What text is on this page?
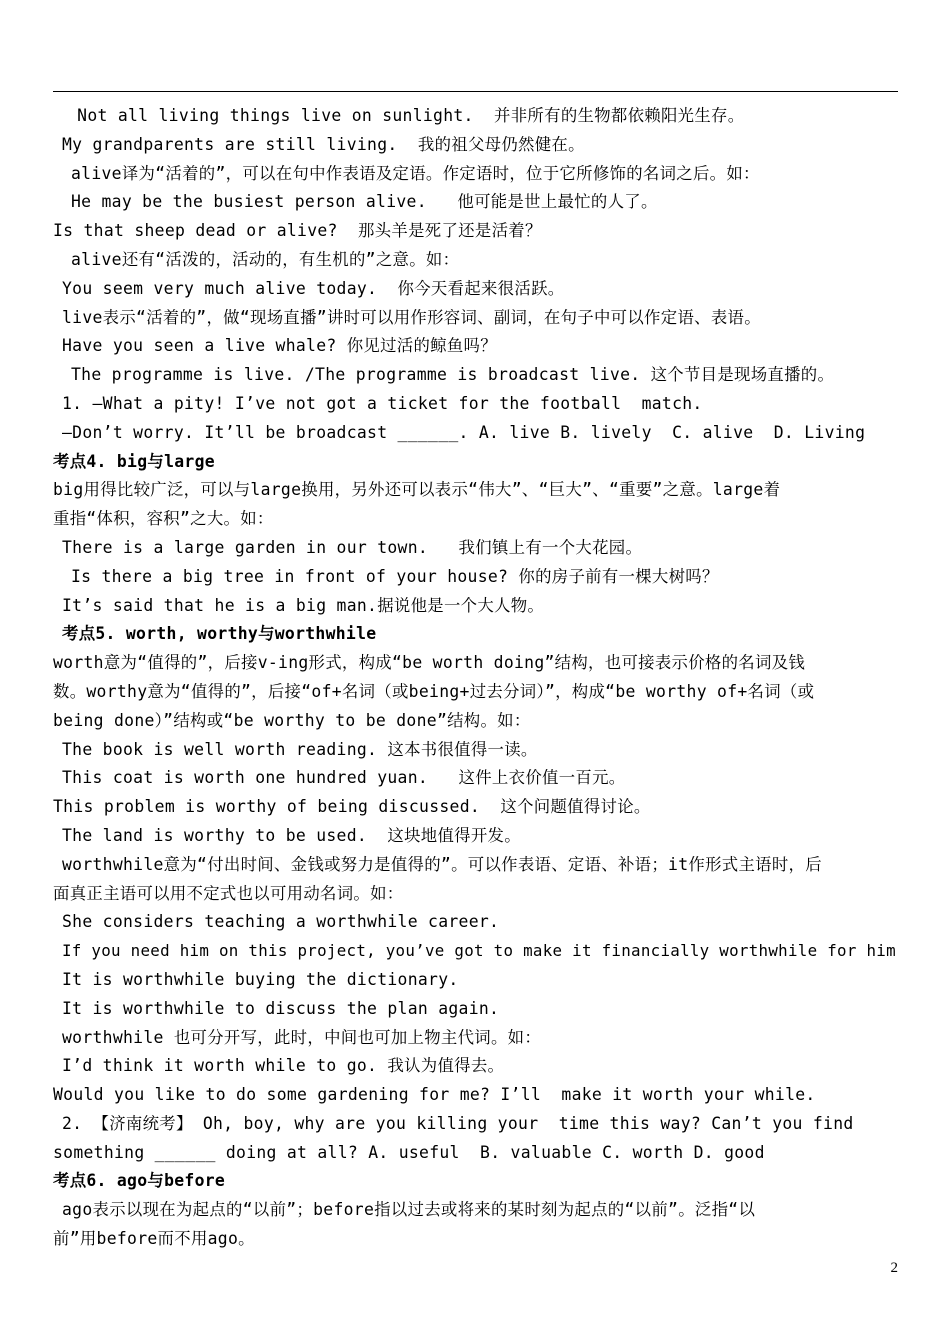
Not all living things live on sunlight.  并非所有的生物都依赖阳光生存。
My grandparents are still living.  我的祖父母仍然健在。
alive译为“活着的”，可以在句中作表语及定语。作定语时，位于它所修饰的名词之后。如：
He may be the busiest person alive.   他可能是世上最忙的人了。
Is that sheep dead or alive?  那头羊是死了还是活着？
alive还有“活泼的，活动的，有生机的”之意。如：
You seem very much alive today.  你今天看起来很活跃。
live表示“活着的”，做“现场直播”讲时可以用作形容词、副词，在句子中可以作定语、表语。
Have you seen a live whale? 你见过活的鲸鱼吗？
The programme is live. /The programme is broadcast live. 这个节目是现场直播的。
1. —What a pity! I’ve not got a ticket for the football  match.
—Don’t worry. It’ll be broadcast ______. A. live B. lively  C. alive  D. Living
考点4. big与large
big用得比较广泛，可以与large换用，另外还可以表示“伟大”、“巨大”、“重要”之意。large着
重指“体积，容积”之大。如：
There is a large garden in our town.   我们镇上有一个大花园。
Is there a big tree in front of your house? 你的房子前有一棵大树吗？
It’s said that he is a big man.据说他是一个大人物。
考点5. worth, worthy与worthwhile
worth意为“值得的”，后接v-ing形式，构成“be worth doing”结构，也可接表示价格的名词及钱
数。worthy意为“值得的”，后接“of+名词（或being+过去分词）”，构成“be worthy of+名词（或
being done）”结构或“be worthy to be done”结构。如：
The book is well worth reading. 这本书很值得一读。
This coat is worth one hundred yuan.   这件上衣价值一百元。
This problem is worthy of being discussed.  这个问题值得讨论。
The land is worthy to be used.  这块地值得开发。
worthwhile意为“付出时间、金钱或努力是值得的”。可以作表语、定语、补语；it作形式主语时，后
面真正主语可以用不定式也以可用动名词。如：
She considers teaching a worthwhile career.
If you need him on this project, you’ve got to make it financially worthwhile for him
It is worthwhile buying the dictionary.
It is worthwhile to discuss the plan again.
worthwhile 也可分开写，此时，中间也可加上物主代词。如：
I’d think it worth while to go. 我认为值得去。
Would you like to do some gardening for me? I’ll  make it worth your while.
2. 【济南统考】 Oh, boy, why are you killing your  time this way? Can’t you find
something ______ doing at all? A. useful  B. valuable C. worth D. good
考点6. ago与before
ago表示以现在为起点的“以前”；before指以过去或将来的某时刻为起点的“以前”。泛指“以
前”用before而不用ago。
2
